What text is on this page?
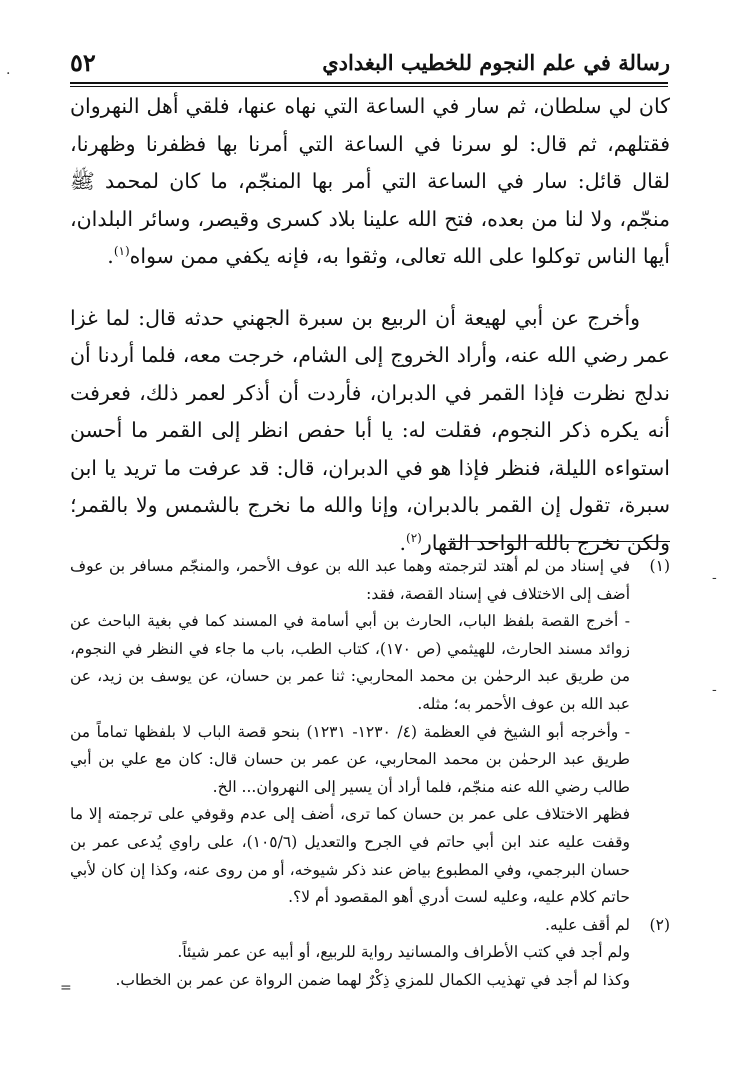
٥٢	رسالة في علم النجوم للخطيب البغدادي

كان لي سلطان، ثم سار في الساعة التي نهاه عنها، فلقي أهل النهروان فقتلهم، ثم قال: لو سرنا في الساعة التي أمرنا بها فظفرنا وظهرنا، لقال قائل: سار في الساعة التي أمر بها المنجّم، ما كان لمحمد ﷺ منجّم، ولا لنا من بعده، فتح الله علينا بلاد كسرى وقيصر، وسائر البلدان، أيها الناس توكلوا على الله تعالى، وثقوا به، فإنه يكفي ممن سواه$^{(١)}$.

وأخرج عن أبي لهيعة أن الربيع بن سبرة الجهني حدثه قال: لما غزا عمر رضي الله عنه، وأراد الخروج إلى الشام، خرجت معه، فلما أردنا أن ندلج نظرت فإذا القمر في الدبران، فأردت أن أذكر لعمر ذلك، فعرفت أنه يكره ذكر النجوم، فقلت له: يا أبا حفص انظر إلى القمر ما أحسن استواءه الليلة، فنظر فإذا هو في الدبران، قال: قد عرفت ما تريد يا ابن سبرة، تقول إن القمر بالدبران، وإنا والله ما نخرج بالشمس ولا بالقمر؛ ولكن نخرج بالله الواحد القهار$^{(٢)}$.

(١)

في إسناد من لم أهتد لترجمته وهما عبد الله بن عوف الأحمر، والمنجّم مسافر بن عوف أضف إلى الاختلاف في إسناد القصة، فقد:

- أخرج القصة بلفظ الباب، الحارث بن أبي أسامة في المسند كما في بغية الباحث عن زوائد مسند الحارث، للهيثمي (ص ١٧٠)، كتاب الطب، باب ما جاء في النظر في النجوم، من طريق عبد الرحمٰن بن محمد المحاربي: ثنا عمر بن حسان، عن يوسف بن زيد، عن عبد الله بن عوف الأحمر به؛ مثله.

- وأخرجه أبو الشيخ في العظمة (٤/ ١٢٣٠- ١٢٣١) بنحو قصة الباب لا بلفظها تماماً من طريق عبد الرحمٰن بن محمد المحاربي، عن عمر بن حسان قال: كان مع علي بن أبي طالب رضي الله عنه منجّم، فلما أراد أن يسير إلى النهروان... الخ.

فظهر الاختلاف على عمر بن حسان كما ترى، أضف إلى عدم وقوفي على ترجمته إلا ما وقفت عليه عند ابن أبي حاتم في الجرح والتعديل (١٠٥/٦)، على راوي يُدعى عمر بن حسان البرجمي، وفي المطبوع بياض عند ذكر شيوخه، أو من روى عنه، وكذا إن كان لأبي حاتم كلام عليه، وعليه لست أدري أهو المقصود أم لا؟.

(٢)

لم أقف عليه.

ولم أجد في كتب الأطراف والمسانيد رواية للربيع، أو أبيه عن عمر شيئاً.

وكذا لم أجد في تهذيب الكمال للمزي ذِكْرٌ لهما ضمن الرواة عن عمر بن الخطاب.

.
-
-
=
